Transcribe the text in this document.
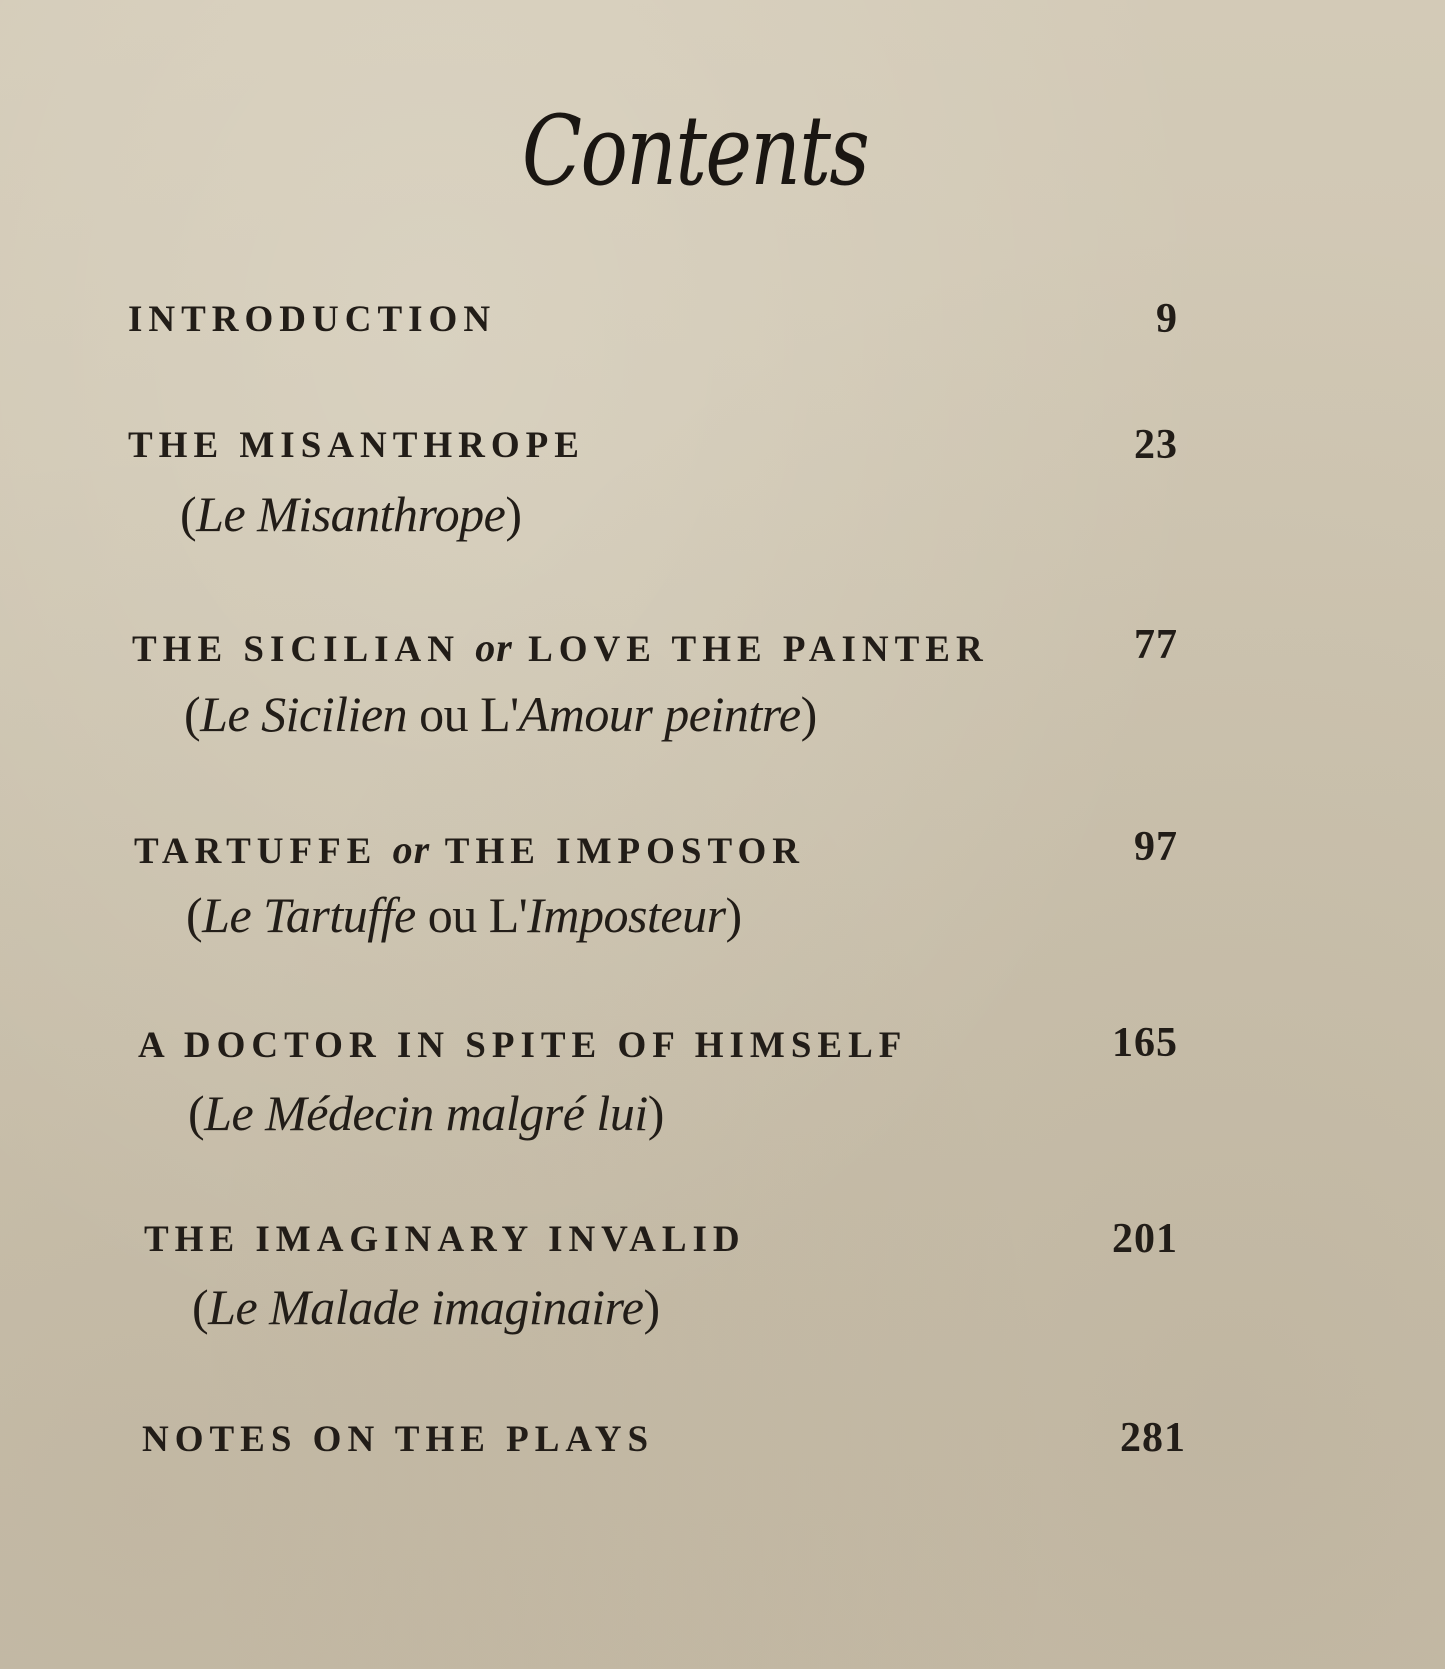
Contents
INTRODUCTION	9
THE MISANTHROPE	23
(Le Misanthrope)
THE SICILIAN or LOVE THE PAINTER	77
(Le Sicilien ou L'Amour peintre)
TARTUFFE or THE IMPOSTOR	97
(Le Tartuffe ou L'Imposteur)
A DOCTOR IN SPITE OF HIMSELF	165
(Le Médecin malgré lui)
THE IMAGINARY INVALID	201
(Le Malade imaginaire)
NOTES ON THE PLAYS	281
